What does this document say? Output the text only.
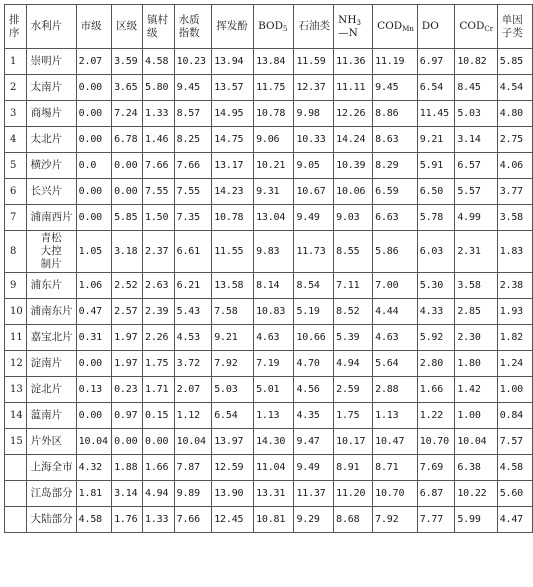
排序	水利片	市级	区级	镇村级	水质指数	挥发酚	$BOD_5$	石油类	$NH_3—N$	$COD_{Mn}$	DO	$COD_{Cr}$	单因子类
1	崇明片	2.07	3.59	4.58	10.23	13.94	13.84	11.59	11.36	11.19	6.97	10.82	5.85
2	太南片	0.00	3.65	5.80	9.45	13.57	11.75	12.37	11.11	9.45	6.54	8.45	4.54
3	商埸片	0.00	7.24	1.33	8.57	14.95	10.78	9.98	12.26	8.86	11.45	5.03	4.80
4	太北片	0.00	6.78	1.46	8.25	14.75	9.06	10.33	14.24	8.63	9.21	3.14	2.75
5	横沙片	0.0	0.00	7.66	7.66	13.17	10.21	9.05	10.39	8.29	5.91	6.57	4.06
6	长兴片	0.00	0.00	7.55	7.55	14.23	9.31	10.67	10.06	6.59	6.50	5.57	3.77
7	浦南西片	0.00	5.85	1.50	7.35	10.78	13.04	9.49	9.03	6.63	5.78	4.99	3.58
8	青松大控制片	1.05	3.18	2.37	6.61	11.55	9.83	11.73	8.55	5.86	6.03	2.31	1.83
9	浦东片	1.06	2.52	2.63	6.21	13.58	8.14	8.54	7.11	7.00	5.30	3.58	2.38
10	浦南东片	0.47	2.57	2.39	5.43	7.58	10.83	5.19	8.52	4.44	4.33	2.85	1.93
11	嘉宝北片	0.31	1.97	2.26	4.53	9.21	4.63	10.66	5.39	4.63	5.92	2.30	1.82
12	淀南片	0.00	1.97	1.75	3.72	7.92	7.19	4.70	4.94	5.64	2.80	1.80	1.24
13	淀北片	0.13	0.23	1.71	2.07	5.03	5.01	4.56	2.59	2.88	1.66	1.42	1.00
14	蕰南片	0.00	0.97	0.15	1.12	6.54	1.13	4.35	1.75	1.13	1.22	1.00	0.84
15	片外区	10.04	0.00	0.00	10.04	13.97	14.30	9.47	10.17	10.47	10.70	10.04	7.57
	上海全市	4.32	1.88	1.66	7.87	12.59	11.04	9.49	8.91	8.71	7.69	6.38	4.58
	江岛部分	1.81	3.14	4.94	9.89	13.90	13.31	11.37	11.20	10.70	6.87	10.22	5.60
	大陆部分	4.58	1.76	1.33	7.66	12.45	10.81	9.29	8.68	7.92	7.77	5.99	4.47
